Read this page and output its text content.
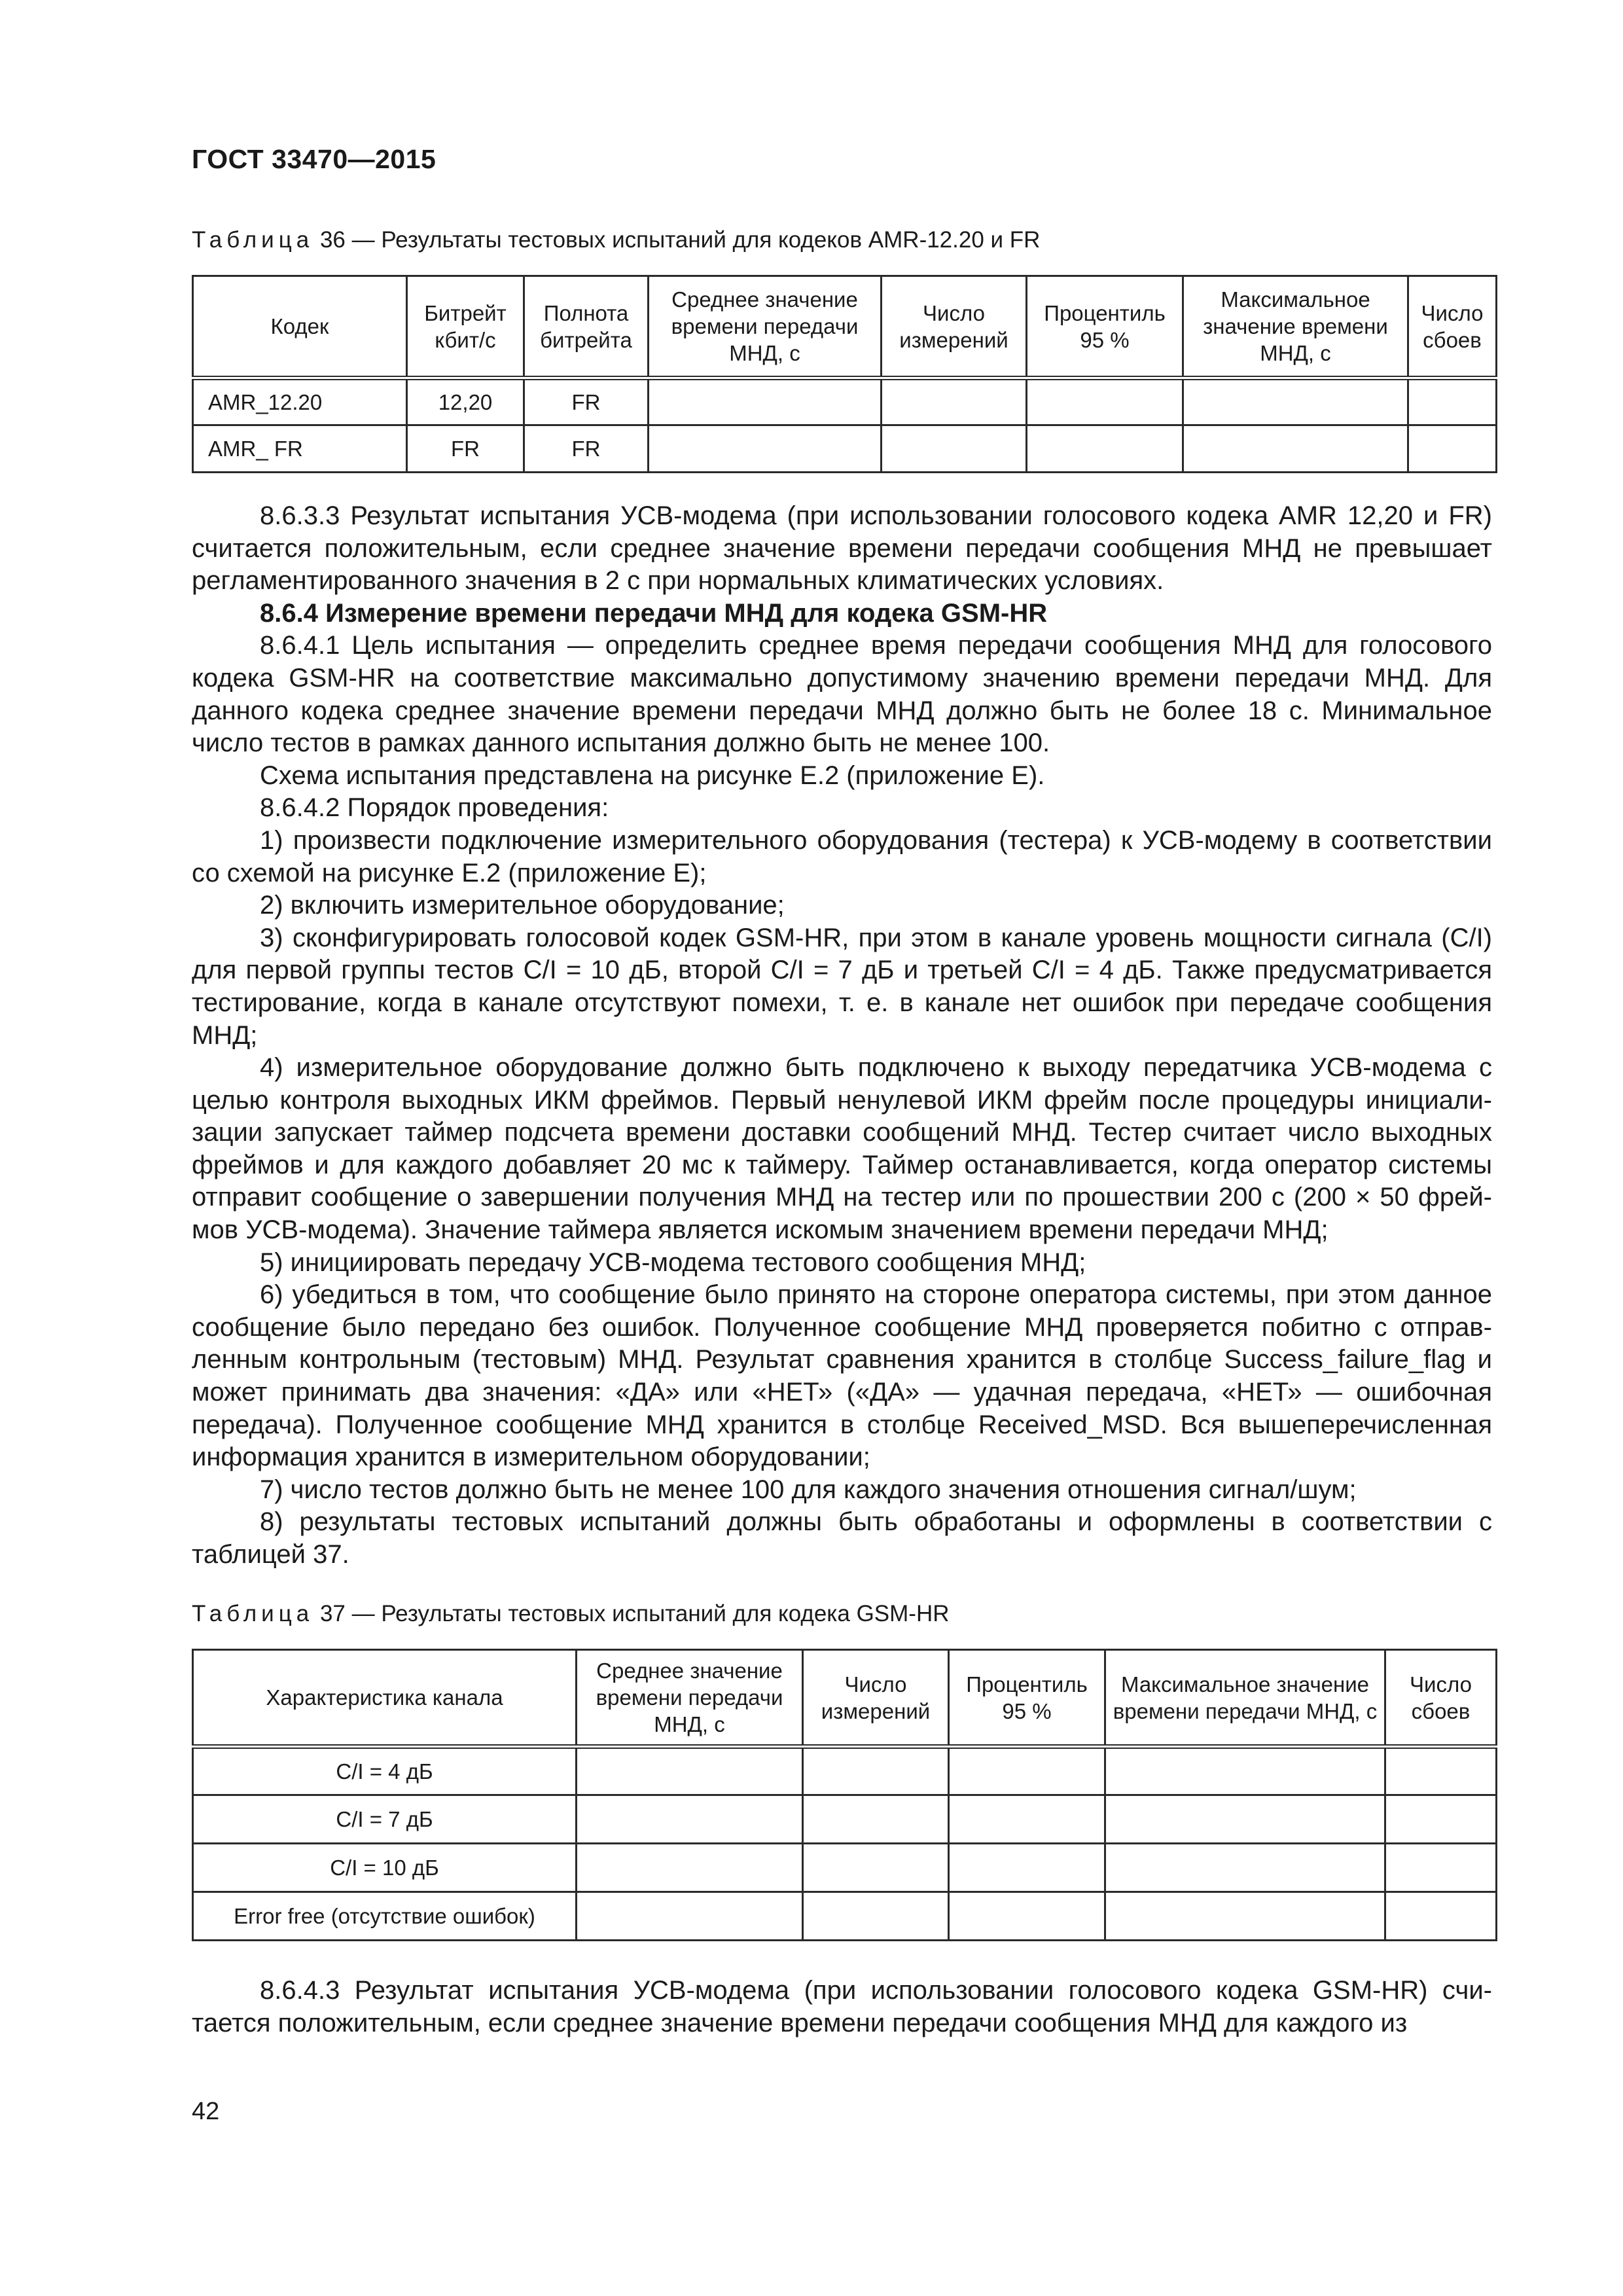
ГОСТ 33470—2015
Таблица 36 — Результаты тестовых испытаний для кодеков AMR-12.20 и FR
Кодек	Битрейт кбит/с	Полнота битрейта	Среднее значение времени передачи МНД, с	Число измерений	Процентиль 95 %	Максимальное значение времени МНД, с	Число сбоев
AMR_12.20	12,20	FR					
AMR_ FR	FR	FR					

8.6.3.3 Результат испытания УСВ-модема (при использовании голосового кодека AMR 12,20 и FR) считается положительным, если среднее значение времени передачи сообщения МНД не превышает регламентированного значения в 2 с при нормальных климатических условиях.

8.6.4 Измерение времени передачи МНД для кодека GSM-HR

8.6.4.1 Цель испытания — определить среднее время передачи сообщения МНД для голосового кодека GSM-HR на соответствие максимально допустимому значению времени передачи МНД. Для данного кодека среднее значение времени передачи МНД должно быть не более 18 с. Минимальное число тестов в рамках данного испытания должно быть не менее 100.

Схема испытания представлена на рисунке Е.2 (приложение Е).

8.6.4.2 Порядок проведения:

1) произвести подключение измерительного оборудования (тестера) к УСВ-модему в соответствии со схемой на рисунке Е.2 (приложение Е);

2) включить измерительное оборудование;

3) сконфигурировать голосовой кодек GSM-HR, при этом в канале уровень мощности сигнала (C/I) для первой группы тестов C/I = 10 дБ, второй C/I = 7 дБ и третьей C/I = 4 дБ. Также предусматривается тестирование, когда в канале отсутствуют помехи, т. е. в канале нет ошибок при передаче сообщения МНД;

4) измерительное оборудование должно быть подключено к выходу передатчика УСВ-модема с целью контроля выходных ИКМ фреймов. Первый ненулевой ИКМ фрейм после процедуры инициализации запускает таймер подсчета времени доставки сообщений МНД. Тестер считает число выходных фреймов и для каждого добавляет 20 мс к таймеру. Таймер останавливается, когда оператор системы отправит сообщение о завершении получения МНД на тестер или по прошествии 200 с (200 × 50 фреймов УСВ-модема). Значение таймера является искомым значением времени передачи МНД;

5) инициировать передачу УСВ-модема тестового сообщения МНД;

6) убедиться в том, что сообщение было принято на стороне оператора системы, при этом данное сообщение было передано без ошибок. Полученное сообщение МНД проверяется побитно с отправленным контрольным (тестовым) МНД. Результат сравнения хранится в столбце Success_failure_flag и может принимать два значения: «ДА» или «НЕТ» («ДА» — удачная передача, «НЕТ» — ошибочная передача). Полученное сообщение МНД хранится в столбце Received_MSD. Вся вышеперечисленная информация хранится в измерительном оборудовании;

7) число тестов должно быть не менее 100 для каждого значения отношения сигнал/шум;

8) результаты тестовых испытаний должны быть обработаны и оформлены в соответствии с таблицей 37.

Таблица 37 — Результаты тестовых испытаний для кодека GSM-HR
Характеристика канала	Среднее значение времени передачи МНД, с	Число измерений	Процентиль 95 %	Максимальное значение времени передачи МНД, с	Число сбоев
C/I = 4 дБ					
C/I = 7 дБ					
C/I = 10 дБ					
Error free (отсутствие ошибок)					

8.6.4.3 Результат испытания УСВ-модема (при использовании голосового кодека GSM-HR) считается положительным, если среднее значение времени передачи сообщения МНД для каждого из

42
